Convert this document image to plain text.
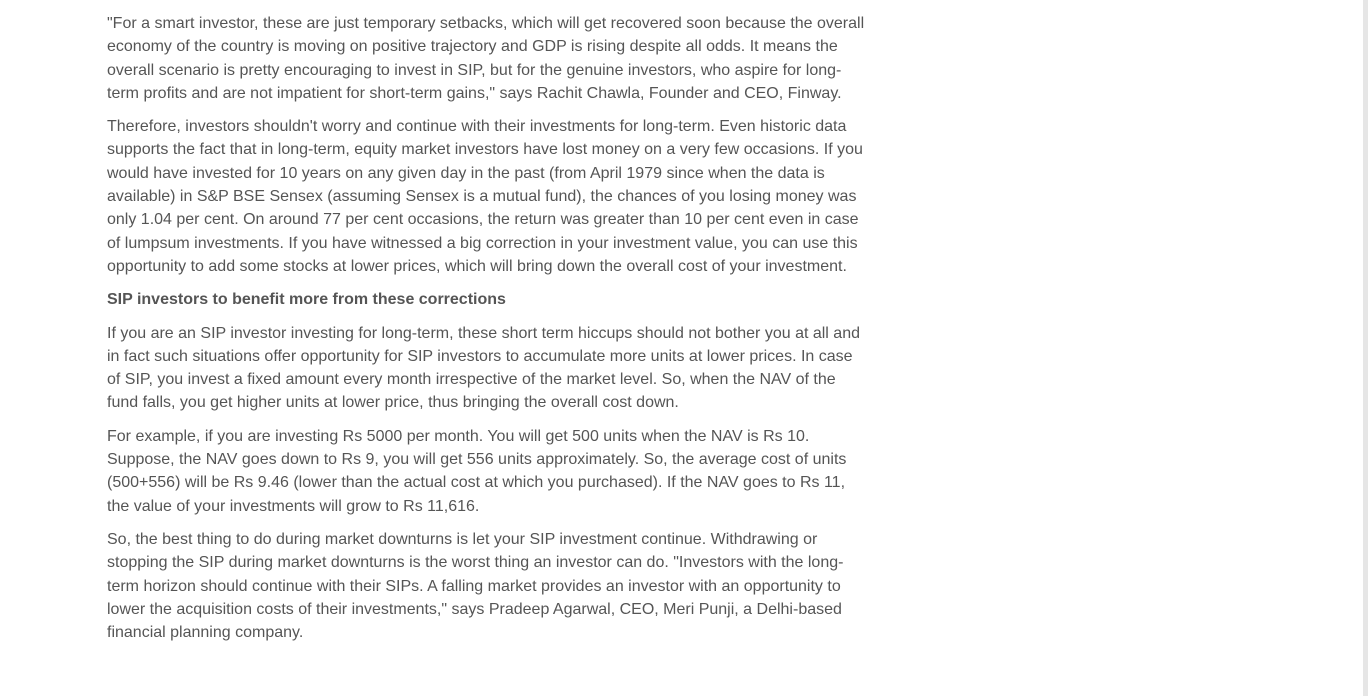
"For a smart investor, these are just temporary setbacks, which will get recovered soon because the overall economy of the country is moving on positive trajectory and GDP is rising despite all odds. It means the overall scenario is pretty encouraging to invest in SIP, but for the genuine investors, who aspire for long-term profits and are not impatient for short-term gains," says Rachit Chawla, Founder and CEO, Finway.

Therefore, investors shouldn't worry and continue with their investments for long-term. Even historic data supports the fact that in long-term, equity market investors have lost money on a very few occasions. If you would have invested for 10 years on any given day in the past (from April 1979 since when the data is available) in S&P BSE Sensex (assuming Sensex is a mutual fund), the chances of you losing money was only 1.04 per cent. On around 77 per cent occasions, the return was greater than 10 per cent even in case of lumpsum investments. If you have witnessed a big correction in your investment value, you can use this opportunity to add some stocks at lower prices, which will bring down the overall cost of your investment.

SIP investors to benefit more from these corrections

If you are an SIP investor investing for long-term, these short term hiccups should not bother you at all and in fact such situations offer opportunity for SIP investors to accumulate more units at lower prices. In case of SIP, you invest a fixed amount every month irrespective of the market level. So, when the NAV of the fund falls, you get higher units at lower price, thus bringing the overall cost down.

For example, if you are investing Rs 5000 per month. You will get 500 units when the NAV is Rs 10. Suppose, the NAV goes down to Rs 9, you will get 556 units approximately. So, the average cost of units (500+556) will be Rs 9.46 (lower than the actual cost at which you purchased). If the NAV goes to Rs 11, the value of your investments will grow to Rs 11,616.

So, the best thing to do during market downturns is let your SIP investment continue. Withdrawing or stopping the SIP during market downturns is the worst thing an investor can do. "Investors with the long-term horizon should continue with their SIPs. A falling market provides an investor with an opportunity to lower the acquisition costs of their investments," says Pradeep Agarwal, CEO, Meri Punji, a Delhi-based financial planning company.
